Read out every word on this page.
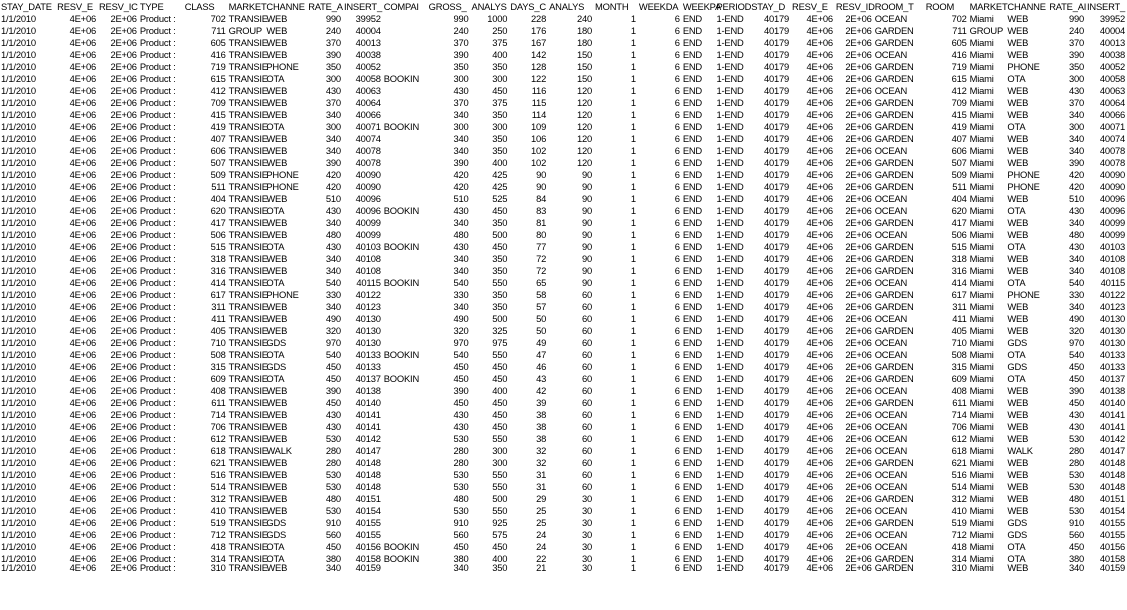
STAY_DATE	RESV_E	RESV_IC	TYPE	CLASS	MARKET	CHANNE	RATE_A	INSERT_	COMPAI	GROSS_	ANALYS	DAYS_C	ANALYS	MONTH	WEEKDA	WEEKPA	PERIOD	STAY_D	RESV_E	RESV_ID	ROOM_T	ROOM	MARKET	CHANNE	RATE_AI	INSERT_
1/1/2010	4E+06	2E+06	Product :	702	TRANSIE	WEB	990	39952		990	1000	228	240	1	6	END	1-END	40179	4E+06	2E+06	OCEAN	702	Miami	WEB	990	39952
1/1/2010	4E+06	2E+06	Product :	711	GROUP	WEB	240	40004		240	250	176	180	1	6	END	1-END	40179	4E+06	2E+06	GARDEN	711	GROUP	WEB	240	40004
1/1/2010	4E+06	2E+06	Product :	605	TRANSIE	WEB	370	40013		370	375	167	180	1	6	END	1-END	40179	4E+06	2E+06	GARDEN	605	Miami	WEB	370	40013
1/1/2010	4E+06	2E+06	Product :	416	TRANSIE	WEB	390	40038		390	400	142	150	1	6	END	1-END	40179	4E+06	2E+06	OCEAN	416	Miami	WEB	390	40038
1/1/2010	4E+06	2E+06	Product :	719	TRANSIE	PHONE	350	40052		350	350	128	150	1	6	END	1-END	40179	4E+06	2E+06	GARDEN	719	Miami	PHONE	350	40052
1/1/2010	4E+06	2E+06	Product :	615	TRANSIE	OTA	300	40058	BOOKIN	300	300	122	150	1	6	END	1-END	40179	4E+06	2E+06	GARDEN	615	Miami	OTA	300	40058
1/1/2010	4E+06	2E+06	Product :	412	TRANSIE	WEB	430	40063		430	450	116	120	1	6	END	1-END	40179	4E+06	2E+06	OCEAN	412	Miami	WEB	430	40063
1/1/2010	4E+06	2E+06	Product :	709	TRANSIE	WEB	370	40064		370	375	115	120	1	6	END	1-END	40179	4E+06	2E+06	GARDEN	709	Miami	WEB	370	40064
1/1/2010	4E+06	2E+06	Product :	415	TRANSIE	WEB	340	40066		340	350	114	120	1	6	END	1-END	40179	4E+06	2E+06	GARDEN	415	Miami	WEB	340	40066
1/1/2010	4E+06	2E+06	Product :	419	TRANSIE	OTA	300	40071	BOOKIN	300	300	109	120	1	6	END	1-END	40179	4E+06	2E+06	GARDEN	419	Miami	OTA	300	40071
1/1/2010	4E+06	2E+06	Product :	407	TRANSIE	WEB	340	40074		340	350	106	120	1	6	END	1-END	40179	4E+06	2E+06	GARDEN	407	Miami	WEB	340	40074
1/1/2010	4E+06	2E+06	Product :	606	TRANSIE	WEB	340	40078		340	350	102	120	1	6	END	1-END	40179	4E+06	2E+06	OCEAN	606	Miami	WEB	340	40078
1/1/2010	4E+06	2E+06	Product :	507	TRANSIE	WEB	390	40078		390	400	102	120	1	6	END	1-END	40179	4E+06	2E+06	GARDEN	507	Miami	WEB	390	40078
1/1/2010	4E+06	2E+06	Product :	509	TRANSIE	PHONE	420	40090		420	425	90	90	1	6	END	1-END	40179	4E+06	2E+06	GARDEN	509	Miami	PHONE	420	40090
1/1/2010	4E+06	2E+06	Product :	511	TRANSIE	PHONE	420	40090		420	425	90	90	1	6	END	1-END	40179	4E+06	2E+06	GARDEN	511	Miami	PHONE	420	40090
1/1/2010	4E+06	2E+06	Product :	404	TRANSIE	WEB	510	40096		510	525	84	90	1	6	END	1-END	40179	4E+06	2E+06	OCEAN	404	Miami	WEB	510	40096
1/1/2010	4E+06	2E+06	Product :	620	TRANSIE	OTA	430	40096	BOOKIN	430	450	83	90	1	6	END	1-END	40179	4E+06	2E+06	OCEAN	620	Miami	OTA	430	40096
1/1/2010	4E+06	2E+06	Product :	417	TRANSIE	WEB	340	40099		340	350	81	90	1	6	END	1-END	40179	4E+06	2E+06	GARDEN	417	Miami	WEB	340	40099
1/1/2010	4E+06	2E+06	Product :	506	TRANSIE	WEB	480	40099		480	500	80	90	1	6	END	1-END	40179	4E+06	2E+06	OCEAN	506	Miami	WEB	480	40099
1/1/2010	4E+06	2E+06	Product :	515	TRANSIE	OTA	430	40103	BOOKIN	430	450	77	90	1	6	END	1-END	40179	4E+06	2E+06	GARDEN	515	Miami	OTA	430	40103
1/1/2010	4E+06	2E+06	Product :	318	TRANSIE	WEB	340	40108		340	350	72	90	1	6	END	1-END	40179	4E+06	2E+06	GARDEN	318	Miami	WEB	340	40108
1/1/2010	4E+06	2E+06	Product :	316	TRANSIE	WEB	340	40108		340	350	72	90	1	6	END	1-END	40179	4E+06	2E+06	GARDEN	316	Miami	WEB	340	40108
1/1/2010	4E+06	2E+06	Product :	414	TRANSIE	OTA	540	40115	BOOKIN	540	550	65	90	1	6	END	1-END	40179	4E+06	2E+06	OCEAN	414	Miami	OTA	540	40115
1/1/2010	4E+06	2E+06	Product :	617	TRANSIE	PHONE	330	40122		330	350	58	60	1	6	END	1-END	40179	4E+06	2E+06	GARDEN	617	Miami	PHONE	330	40122
1/1/2010	4E+06	2E+06	Product :	311	TRANSIE	WEB	340	40123		340	350	57	60	1	6	END	1-END	40179	4E+06	2E+06	GARDEN	311	Miami	WEB	340	40123
1/1/2010	4E+06	2E+06	Product :	411	TRANSIE	WEB	490	40130		490	500	50	60	1	6	END	1-END	40179	4E+06	2E+06	OCEAN	411	Miami	WEB	490	40130
1/1/2010	4E+06	2E+06	Product :	405	TRANSIE	WEB	320	40130		320	325	50	60	1	6	END	1-END	40179	4E+06	2E+06	GARDEN	405	Miami	WEB	320	40130
1/1/2010	4E+06	2E+06	Product :	710	TRANSIE	GDS	970	40130		970	975	49	60	1	6	END	1-END	40179	4E+06	2E+06	OCEAN	710	Miami	GDS	970	40130
1/1/2010	4E+06	2E+06	Product :	508	TRANSIE	OTA	540	40133	BOOKIN	540	550	47	60	1	6	END	1-END	40179	4E+06	2E+06	OCEAN	508	Miami	OTA	540	40133
1/1/2010	4E+06	2E+06	Product :	315	TRANSIE	GDS	450	40133		450	450	46	60	1	6	END	1-END	40179	4E+06	2E+06	GARDEN	315	Miami	GDS	450	40133
1/1/2010	4E+06	2E+06	Product :	609	TRANSIE	OTA	450	40137	BOOKIN	450	450	43	60	1	6	END	1-END	40179	4E+06	2E+06	GARDEN	609	Miami	OTA	450	40137
1/1/2010	4E+06	2E+06	Product :	408	TRANSIE	WEB	390	40138		390	400	42	60	1	6	END	1-END	40179	4E+06	2E+06	OCEAN	408	Miami	WEB	390	40138
1/1/2010	4E+06	2E+06	Product :	611	TRANSIE	WEB	450	40140		450	450	39	60	1	6	END	1-END	40179	4E+06	2E+06	GARDEN	611	Miami	WEB	450	40140
1/1/2010	4E+06	2E+06	Product :	714	TRANSIE	WEB	430	40141		430	450	38	60	1	6	END	1-END	40179	4E+06	2E+06	OCEAN	714	Miami	WEB	430	40141
1/1/2010	4E+06	2E+06	Product :	706	TRANSIE	WEB	430	40141		430	450	38	60	1	6	END	1-END	40179	4E+06	2E+06	OCEAN	706	Miami	WEB	430	40141
1/1/2010	4E+06	2E+06	Product :	612	TRANSIE	WEB	530	40142		530	550	38	60	1	6	END	1-END	40179	4E+06	2E+06	OCEAN	612	Miami	WEB	530	40142
1/1/2010	4E+06	2E+06	Product :	618	TRANSIE	WALK	280	40147		280	300	32	60	1	6	END	1-END	40179	4E+06	2E+06	OCEAN	618	Miami	WALK	280	40147
1/1/2010	4E+06	2E+06	Product :	621	TRANSIE	WEB	280	40148		280	300	32	60	1	6	END	1-END	40179	4E+06	2E+06	GARDEN	621	Miami	WEB	280	40148
1/1/2010	4E+06	2E+06	Product :	516	TRANSIE	WEB	530	40148		530	550	31	60	1	6	END	1-END	40179	4E+06	2E+06	OCEAN	516	Miami	WEB	530	40148
1/1/2010	4E+06	2E+06	Product :	514	TRANSIE	WEB	530	40148		530	550	31	60	1	6	END	1-END	40179	4E+06	2E+06	OCEAN	514	Miami	WEB	530	40148
1/1/2010	4E+06	2E+06	Product :	312	TRANSIE	WEB	480	40151		480	500	29	30	1	6	END	1-END	40179	4E+06	2E+06	GARDEN	312	Miami	WEB	480	40151
1/1/2010	4E+06	2E+06	Product :	410	TRANSIE	WEB	530	40154		530	550	25	30	1	6	END	1-END	40179	4E+06	2E+06	OCEAN	410	Miami	WEB	530	40154
1/1/2010	4E+06	2E+06	Product :	519	TRANSIE	GDS	910	40155		910	925	25	30	1	6	END	1-END	40179	4E+06	2E+06	GARDEN	519	Miami	GDS	910	40155
1/1/2010	4E+06	2E+06	Product :	712	TRANSIE	GDS	560	40155		560	575	24	30	1	6	END	1-END	40179	4E+06	2E+06	OCEAN	712	Miami	GDS	560	40155
1/1/2010	4E+06	2E+06	Product :	418	TRANSIE	OTA	450	40156	BOOKIN	450	450	24	30	1	6	END	1-END	40179	4E+06	2E+06	OCEAN	418	Miami	OTA	450	40156
1/1/2010	4E+06	2E+06	Product :	314	TRANSIE	OTA	380	40158	BOOKIN	380	400	22	30	1	6	END	1-END	40179	4E+06	2E+06	GARDEN	314	Miami	OTA	380	40158
1/1/2010	4E+06	2E+06	Product :	310	TRANSIE	WEB	340	40159		340	350	21	30	1	6	END	1-END	40179	4E+06	2E+06	GARDEN	310	Miami	WEB	340	40159
